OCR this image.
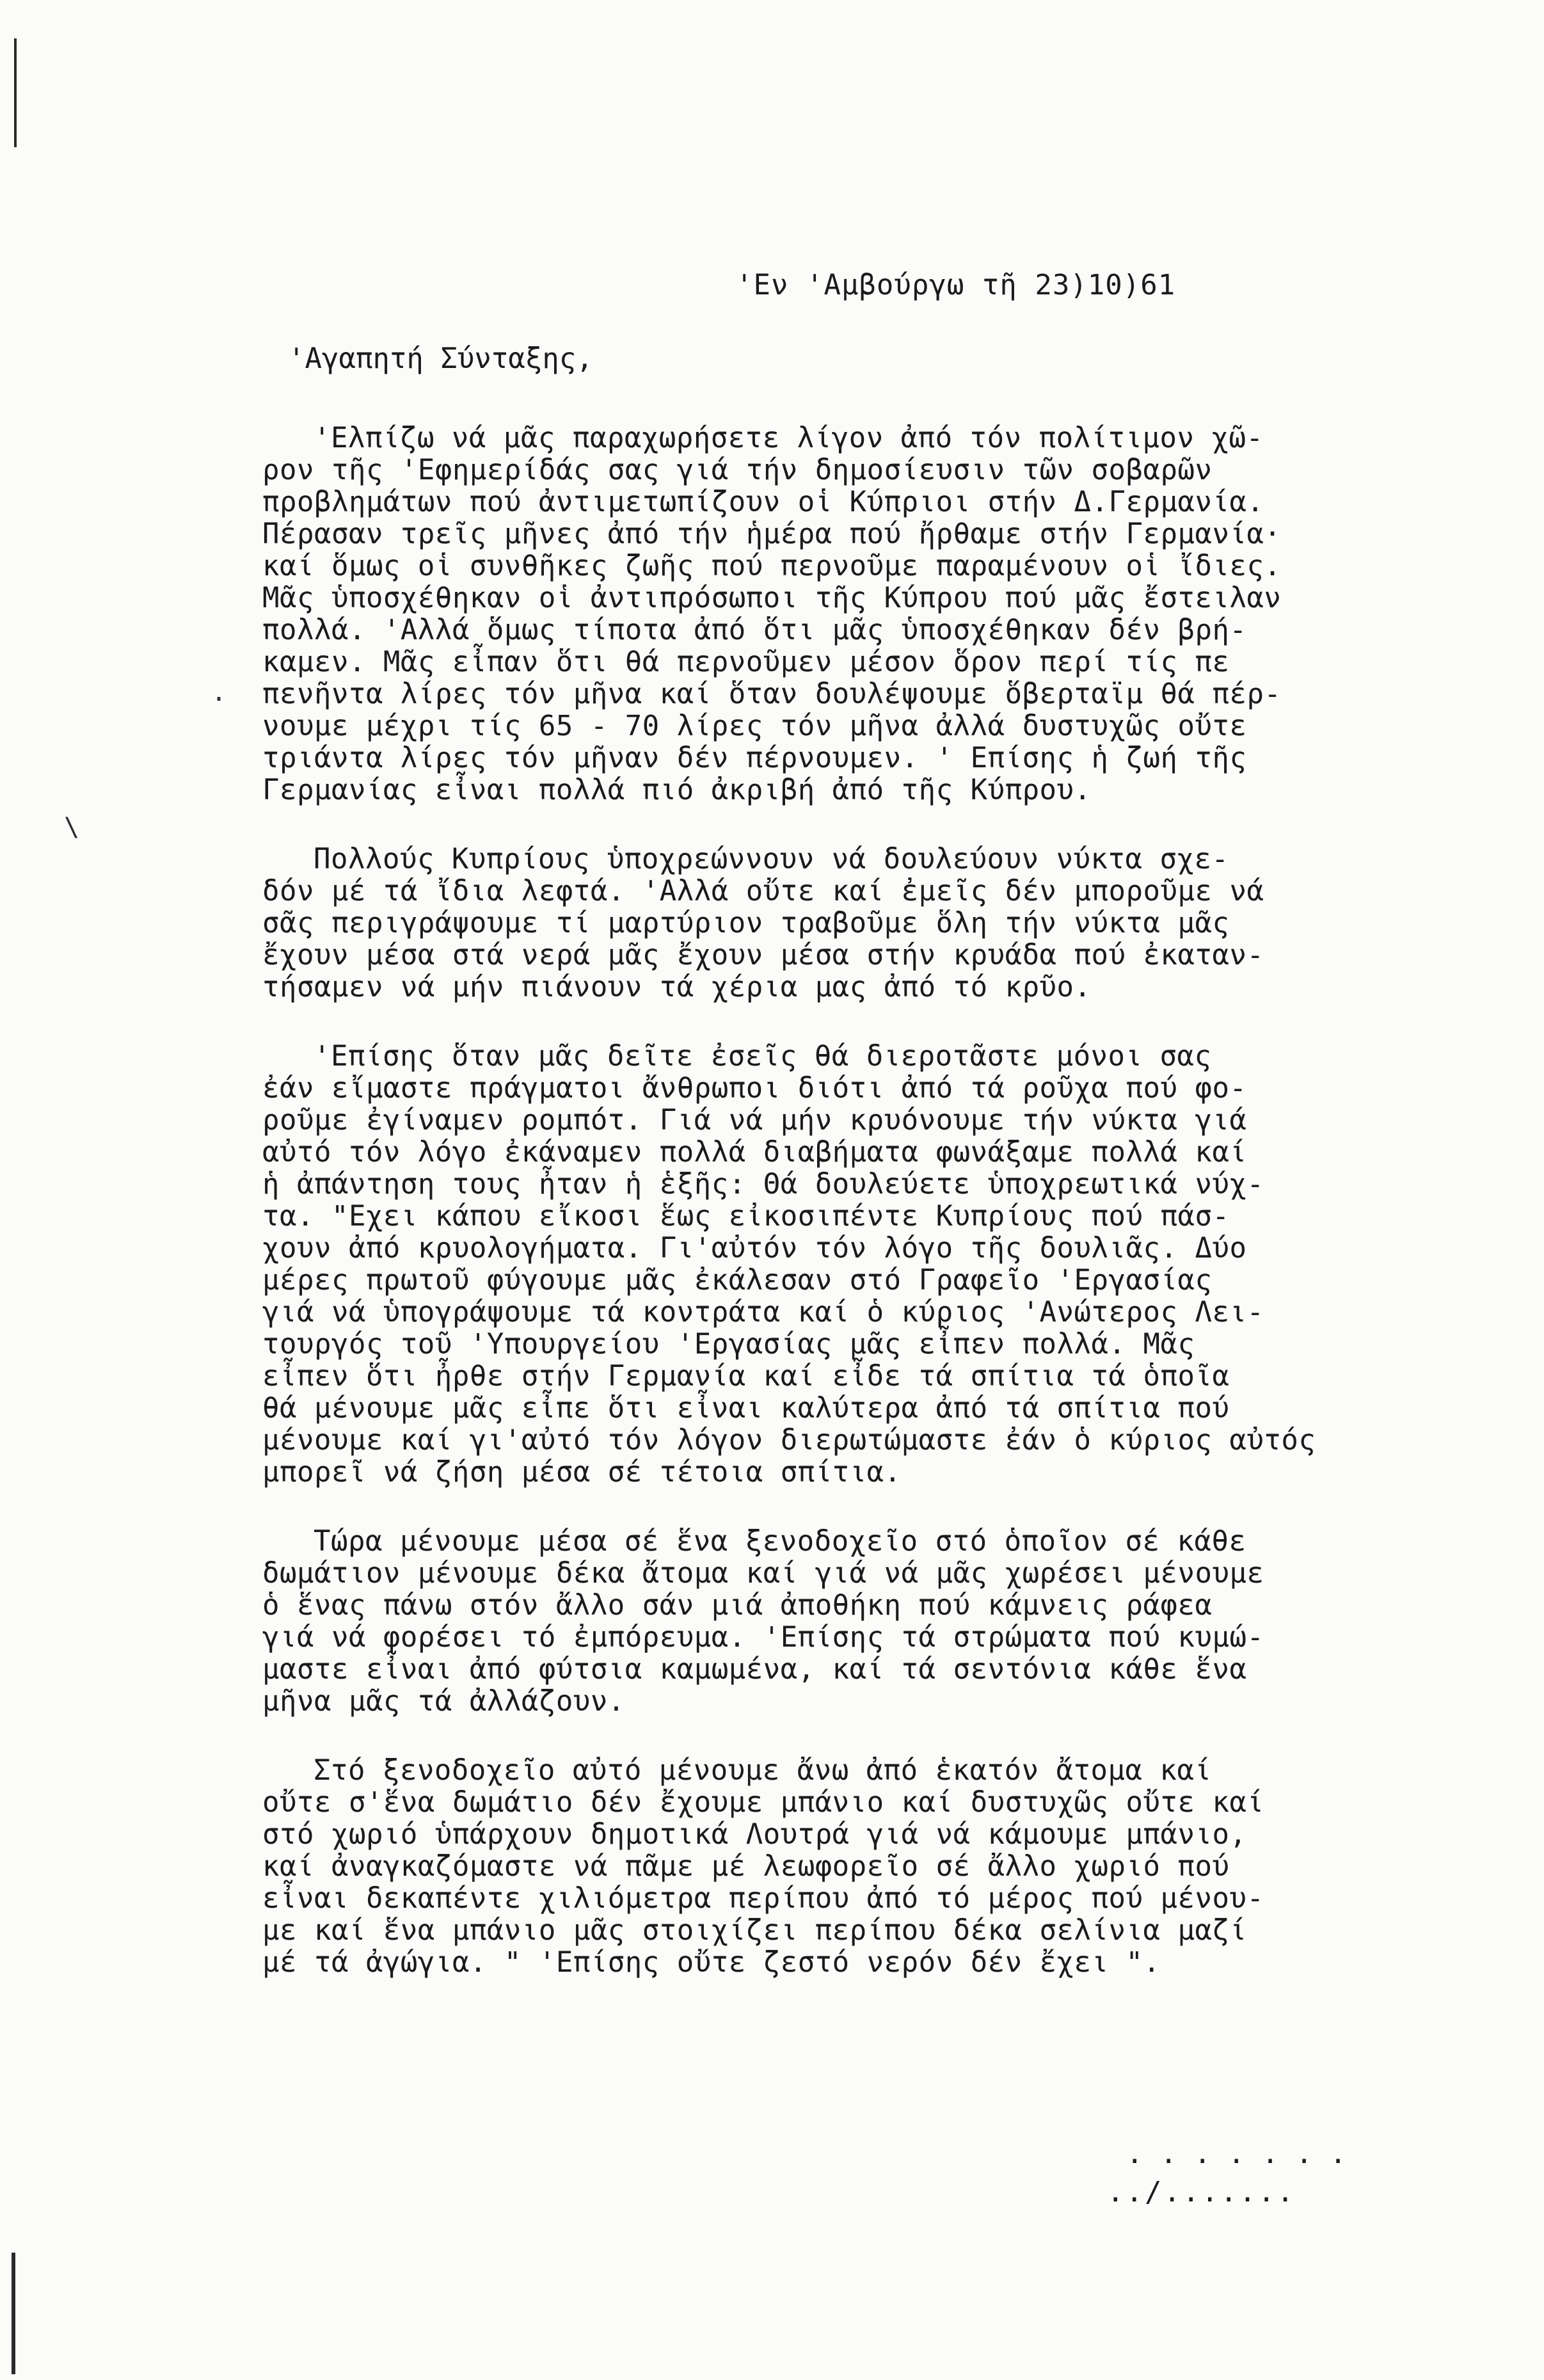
'Εν 'Αμβούργω τῆ 23)10)61
'Αγαπητή Σύνταξης,
·
\
'Ελπίζω νά μᾶς παραχωρήσετε λίγον ἀπό τόν πολίτιμον χῶ-
ρον τῆς 'Εφημερίδάς σας γιά τήν δημοσίευσιν τῶν σοβαρῶν
προβλημάτων πού ἀντιμετωπίζουν οἱ Κύπριοι στήν Δ.Γερμανία.
Πέρασαν τρεῖς μῆνες ἀπό τήν ἡμέρα πού ἤρθαμε στήν Γερμανία·
καί ὅμως οἱ συνθῆκες ζωῆς πού περνοῦμε παραμένουν οἱ ἴδιες.
Μᾶς ὑποσχέθηκαν οἱ ἀντιπρόσωποι τῆς Κύπρου πού μᾶς ἔστειλαν
πολλά. 'Αλλά ὅμως τίποτα ἀπό ὅτι μᾶς ὑποσχέθηκαν δέν βρή-
καμεν. Μᾶς εἶπαν ὅτι θά περνοῦμεν μέσον ὅρον περί τίς πε
πενῆντα λίρες τόν μῆνα καί ὅταν δουλέψουμε ὅβερταϊμ θά πέρ-
νουμε μέχρι τίς 65 - 70 λίρες τόν μῆνα ἀλλά δυστυχῶς οὔτε
τριάντα λίρες τόν μῆναν δέν πέρνουμεν. ' Επίσης ἡ ζωή τῆς
Γερμανίας εἶναι πολλά πιό ἀκριβή ἀπό τῆς Κύπρου.
Πολλούς Κυπρίους ὑποχρεώννουν νά δουλεύουν νύκτα σχε-
δόν μέ τά ἴδια λεφτά. 'Αλλά οὔτε καί ἐμεῖς δέν μποροῦμε νά
σᾶς περιγράψουμε τί μαρτύριον τραβοῦμε ὅλη τήν νύκτα μᾶς
ἔχουν μέσα στά νερά μᾶς ἔχουν μέσα στήν κρυάδα πού ἐκαταν-
τήσαμεν νά μήν πιάνουν τά χέρια μας ἀπό τό κρῦο.
'Επίσης ὅταν μᾶς δεῖτε ἐσεῖς θά διεροτᾶστε μόνοι σας
ἐάν εἴμαστε πράγματοι ἄνθρωποι διότι ἀπό τά ροῦχα πού φο-
ροῦμε ἐγίναμεν ρομπότ. Γιά νά μήν κρυόνουμε τήν νύκτα γιά
αὐτό τόν λόγο ἐκάναμεν πολλά διαβήματα φωνάξαμε πολλά καί
ἡ ἀπάντηση τους ἦταν ἡ ἑξῆς: Θά δουλεύετε ὑποχρεωτικά νύχ-
τα. "Εχει κάπου εἴκοσι ἕως εἰκοσιπέντε Κυπρίους πού πάσ-
χουν ἀπό κρυολογήματα. Γι'αὐτόν τόν λόγο τῆς δουλιᾶς. Δύο
μέρες πρωτοῦ φύγουμε μᾶς ἐκάλεσαν στό Γραφεῖο 'Εργασίας
γιά νά ὑπογράψουμε τά κοντράτα καί ὁ κύριος 'Ανώτερος Λει-
τουργός τοῦ 'Υπουργείου 'Εργασίας μᾶς εἶπεν πολλά. Μᾶς
εἶπεν ὅτι ἦρθε στήν Γερμανία καί εἶδε τά σπίτια τά ὁποῖα
θά μένουμε μᾶς εἶπε ὅτι εἶναι καλύτερα ἀπό τά σπίτια πού
μένουμε καί γι'αὐτό τόν λόγον διερωτώμαστε ἐάν ὁ κύριος αὐτός
μπορεῖ νά ζήση μέσα σέ τέτοια σπίτια.
Τώρα μένουμε μέσα σέ ἕνα ξενοδοχεῖο στό ὁποῖον σέ κάθε
δωμάτιον μένουμε δέκα ἄτομα καί γιά νά μᾶς χωρέσει μένουμε
ὁ ἕνας πάνω στόν ἄλλο σάν μιά ἀποθήκη πού κάμνεις ράφεα
γιά νά φορέσει τό ἐμπόρευμα. 'Επίσης τά στρώματα πού κυμώ-
μαστε εἶναι ἀπό φύτσια καμωμένα, καί τά σεντόνια κάθε ἕνα
μῆνα μᾶς τά ἀλλάζουν.
Στό ξενοδοχεῖο αὐτό μένουμε ἄνω ἀπό ἑκατόν ἄτομα καί
οὔτε σ'ἕνα δωμάτιο δέν ἔχουμε μπάνιο καί δυστυχῶς οὔτε καί
στό χωριό ὑπάρχουν δημοτικά Λουτρά γιά νά κάμουμε μπάνιο,
καί ἀναγκαζόμαστε νά πᾶμε μέ λεωφορεῖο σέ ἄλλο χωριό πού
εἶναι δεκαπέντε χιλιόμετρα περίπου ἀπό τό μέρος πού μένου-
με καί ἕνα μπάνιο μᾶς στοιχίζει περίπου δέκα σελίνια μαζί
μέ τά ἀγώγια. " 'Επίσης οὔτε ζεστό νερόν δέν ἔχει ".
. . . . . . .
../.......
